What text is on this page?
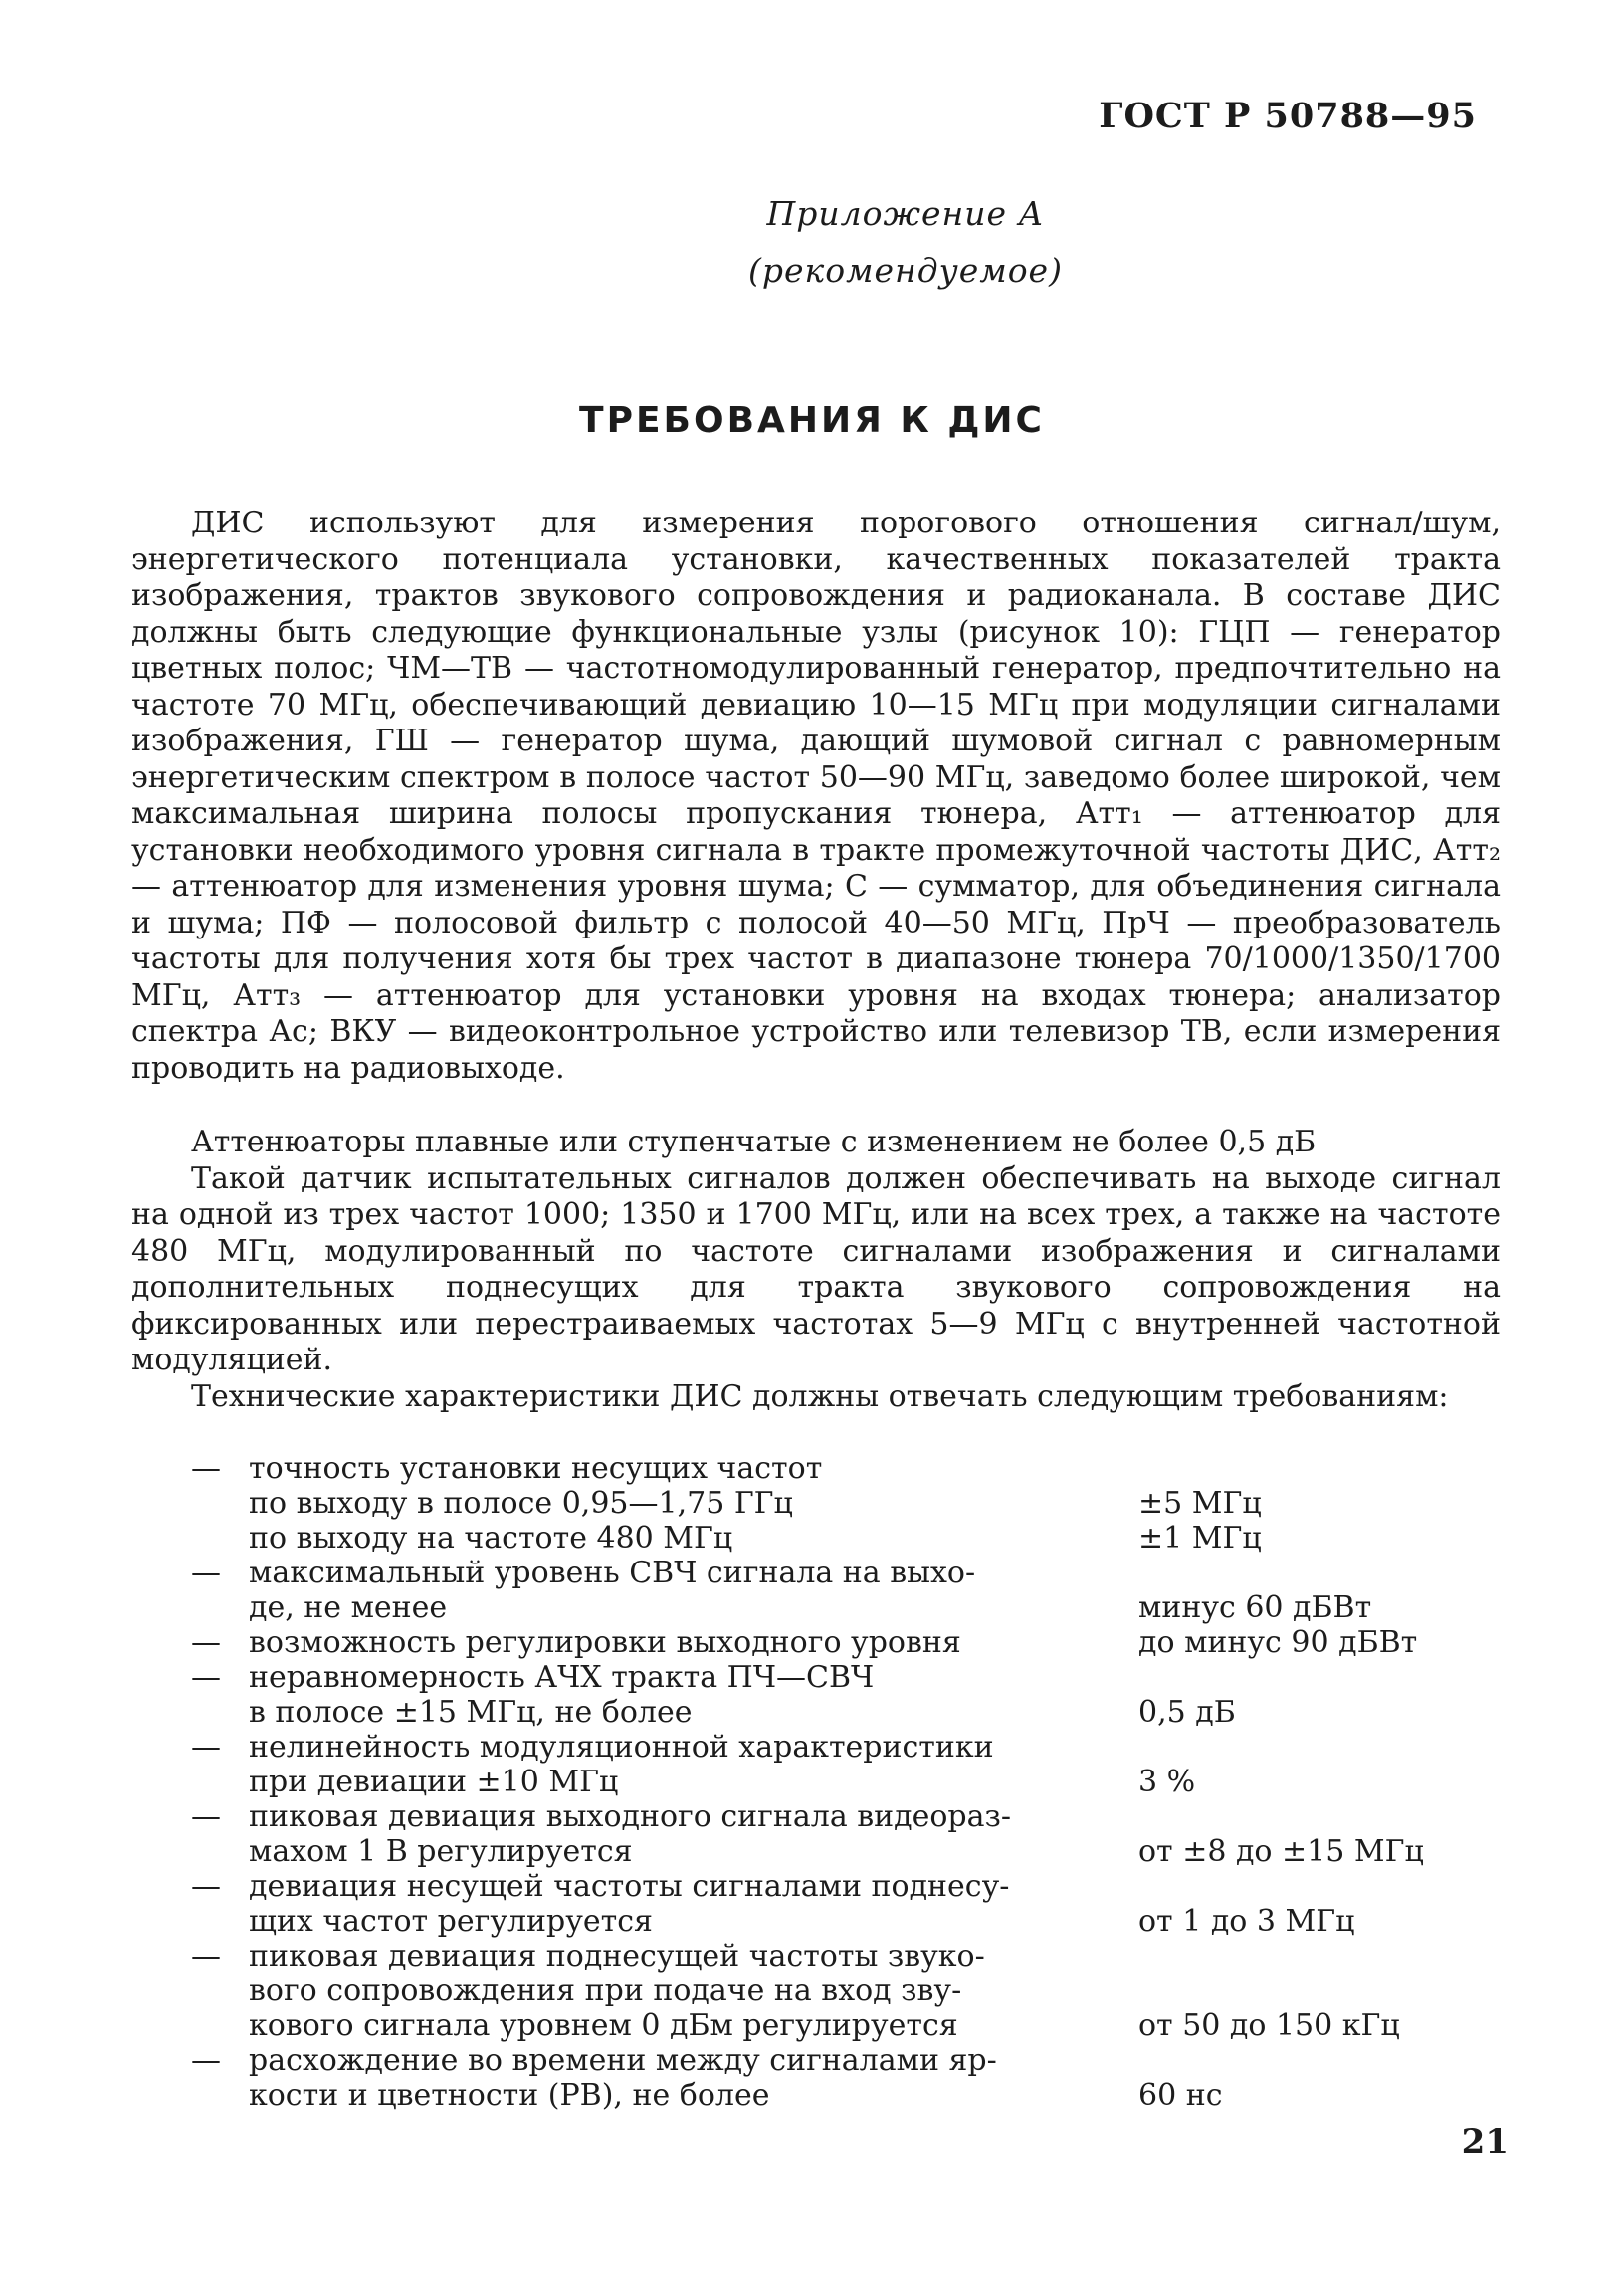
ГОСТ Р 50788—95
Приложение А
(рекомендуемое)
ТРЕБОВАНИЯ К ДИС

ДИС используют для измерения порогового отношения сигнал/шум, энергетического потенциала установки, качественных показателей тракта изображения, трактов звукового сопровождения и радиоканала. В составе ДИС должны быть следующие функциональные узлы (рисунок 10): ГЦП — генератор цветных полос; ЧМ—ТВ — частотномодулированный генератор, предпочтительно на частоте 70 МГц, обеспечивающий девиацию 10—15 МГц при модуляции сигналами изображения, ГШ — генератор шума, дающий шумовой сигнал с равномерным энергетическим спектром в полосе частот 50—90 МГц, заведомо более широкой, чем максимальная ширина полосы пропускания тюнера, Атт₁ — аттенюатор для установки необходимого уровня сигнала в тракте промежуточной частоты ДИС, Атт₂ — аттенюатор для изменения уровня шума; С — сумматор, для объединения сигнала и шума; ПФ — полосовой фильтр с полосой 40—50 МГц, ПрЧ — преобразователь частоты для получения хотя бы трех частот в диапазоне тюнера 70/1000/1350/1700 МГц, Атт₃ — аттенюатор для установки уровня на входах тюнера; анализатор спектра Ас; ВКУ — видеоконтрольное устройство или телевизор ТВ, если измерения проводить на радиовыходе.

Аттенюаторы плавные или ступенчатые с изменением не более 0,5 дБ

Такой датчик испытательных сигналов должен обеспечивать на выходе сигнал на одной из трех частот 1000; 1350 и 1700 МГц, или на всех трех, а также на частоте 480 МГц, модулированный по частоте сигналами изображения и сигналами дополнительных поднесущих для тракта звукового сопровождения на фиксированных или перестраиваемых частотах 5—9 МГц с внутренней частотной модуляцией.

Технические характеристики ДИС должны отвечать следующим требованиям:

— точность установки несущих частот
по выходу в полосе 0,95—1,75 ГГц	±5 МГц
по выходу на частоте 480 МГц	±1 МГц
— максимальный уровень СВЧ сигнала на выхо-
де, не менее	минус 60 дБВт
— возможность регулировки выходного уровня	до минус 90 дБВт
— неравномерность АЧХ тракта ПЧ—СВЧ
в полосе ±15 МГц, не более	0,5 дБ
— нелинейность модуляционной характеристики
при девиации ±10 МГц	3 %
— пиковая девиация выходного сигнала видеораз-
махом 1 В регулируется	от ±8 до ±15 МГц
— девиация несущей частоты сигналами поднесу-
щих частот регулируется	от 1 до 3 МГц
— пиковая девиация поднесущей частоты звуко-
вого сопровождения при подаче на вход зву-
кового сигнала уровнем 0 дБм регулируется	от 50 до 150 кГц
— расхождение во времени между сигналами яр-
кости и цветности (РВ), не более	60 нс
21
